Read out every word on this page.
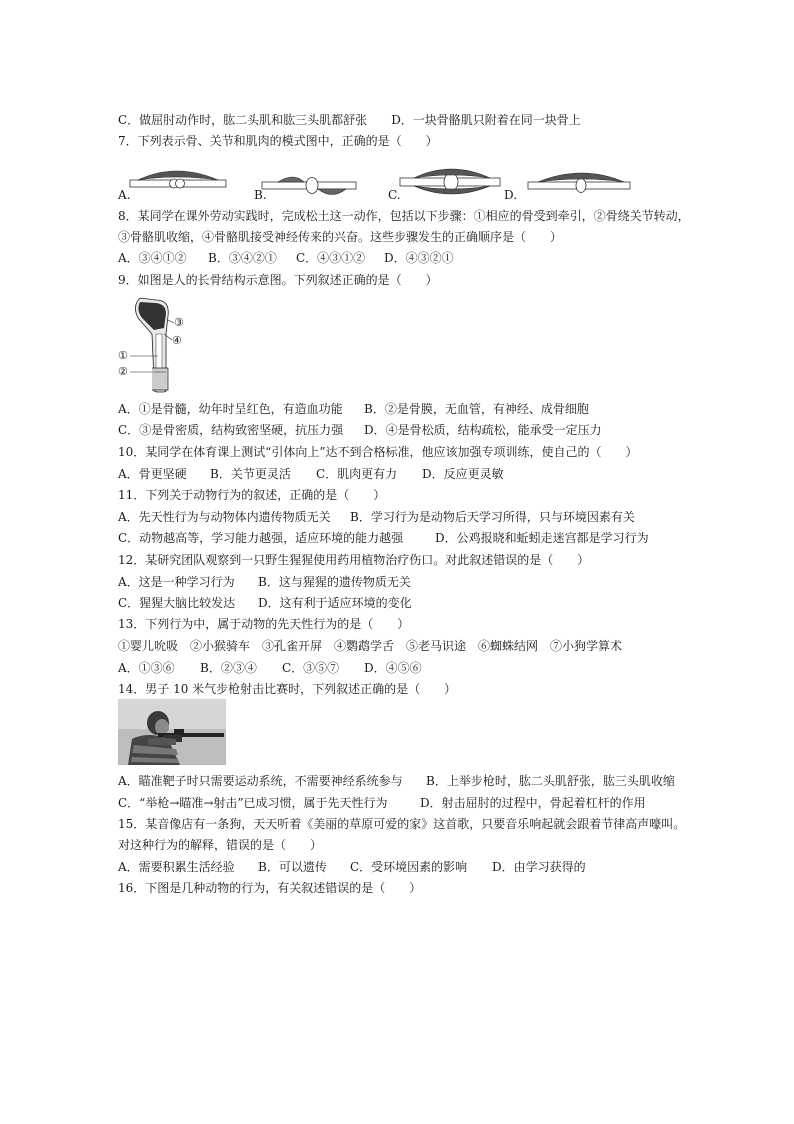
C．做屈肘动作时，肱二头肌和肱三头肌都舒张 D．一块骨骼肌只附着在同一块骨上
7．下列表示骨、关节和肌肉的模式图中，正确的是（　　）
A.	B.	C.	D.
8．某同学在课外劳动实践时，完成松土这一动作，包括以下步骤：①相应的骨受到牵引，②骨绕关节转动，
③骨骼肌收缩，④骨骼肌接受神经传来的兴奋。这些步骤发生的正确顺序是（　　）
A．③④①② B．③④②① C．④③①② D．④③②①
9．如图是人的长骨结构示意图。下列叙述正确的是（　　）
③
④
①
②
A．①是骨髓，幼年时呈红色，有造血功能 B．②是骨膜，无血管，有神经、成骨细胞
C．③是骨密质，结构致密坚硬，抗压力强 D．④是骨松质，结构疏松，能承受一定压力
10．某同学在体育课上测试“引体向上”达不到合格标准，他应该加强专项训练，使自己的（　　）
A．骨更坚硬 B．关节更灵活 C．肌肉更有力 D．反应更灵敏
11．下列关于动物行为的叙述，正确的是（　　）
A．先天性行为与动物体内遗传物质无关 B．学习行为是动物后天学习所得，只与环境因素有关
C．动物越高等，学习能力越强，适应环境的能力越强	D．公鸡报晓和蚯蚓走迷宫都是学习行为
12．某研究团队观察到一只野生猩猩使用药用植物治疗伤口。对此叙述错误的是（　　）
A．这是一种学习行为 B．这与猩猩的遗传物质无关
C．猩猩大脑比较发达 D．这有利于适应环境的变化
13．下列行为中，属于动物的先天性行为的是（　　）
①婴儿吮吸　②小猴骑车　③孔雀开屏　④鹦鹉学舌　⑤老马识途　⑥蜘蛛结网　⑦小狗学算术
A．①③⑥ B．②③④ C．③⑤⑦ D．④⑤⑥
14．男子 10 米气步枪射击比赛时，下列叙述正确的是（　　）
A．瞄准靶子时只需要运动系统，不需要神经系统参与 B．上举步枪时，肱二头肌舒张，肱三头肌收缩
C．“举枪→瞄准→射击”已成习惯，属于先天性行为	D．射击屈肘的过程中，骨起着杠杆的作用
15．某音像店有一条狗，天天听着《美丽的草原可爱的家》这首歌，只要音乐响起就会跟着节律高声嚎叫。
对这种行为的解释，错误的是（　　）
A．需要积累生活经验 B．可以遗传 C．受环境因素的影响 D．由学习获得的
16．下图是几种动物的行为，有关叙述错误的是（　　）
